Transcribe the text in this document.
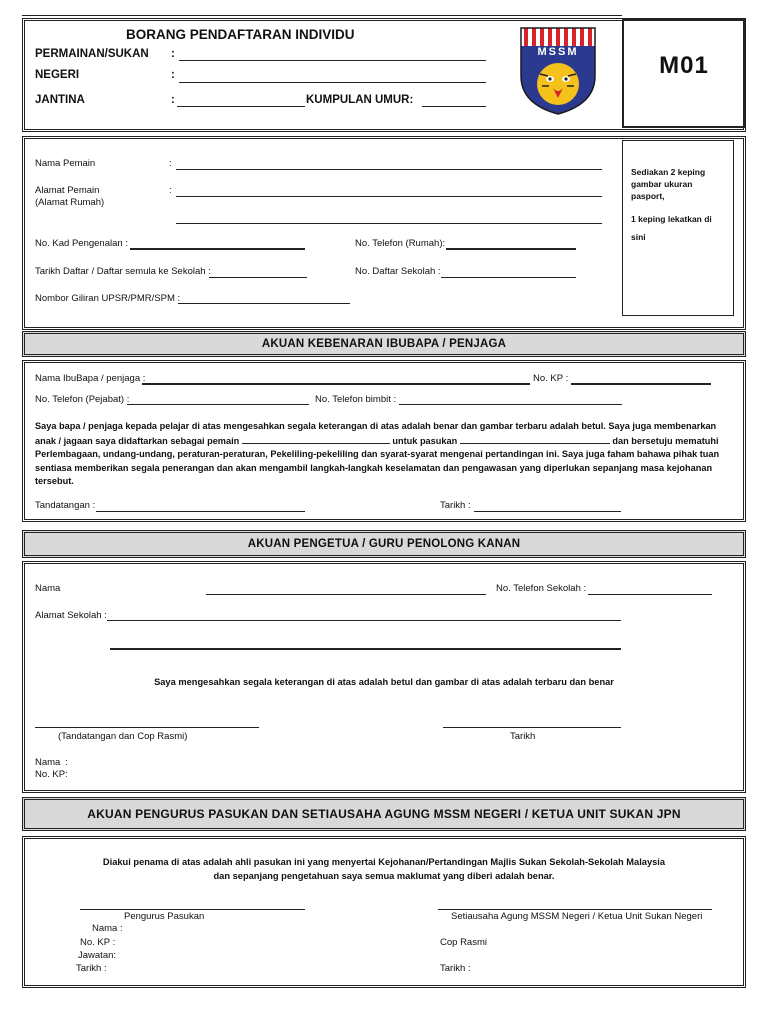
BORANG PENDAFTARAN INDIVIDU
PERMAINAN/SUKAN :
NEGERI	:
JANTINA	:	KUMPULAN UMUR:
MSSM	M01
Nama Pemain	:
Alamat Pemain
(Alamat Rumah)
:
No. Kad Pengenalan :	No. Telefon (Rumah):
Tarikh Daftar / Daftar semula ke Sekolah :	No. Daftar Sekolah :
Nombor Giliran UPSR/PMR/SPM :
Sediakan 2 keping
gambar ukuran
pasport,
1 keping lekatkan di
sini
AKUAN KEBENARAN IBUBAPA / PENJAGA
Nama IbuBapa / penjaga :	No. KP :
No. Telefon (Pejabat) :	No. Telefon bimbit :
Saya bapa / penjaga kepada pelajar di atas mengesahkan segala keterangan di atas adalah benar dan gambar terbaru adalah betul. Saya juga membenarkan
anak / jagaan saya didaftarkan sebagai pemain	untuk pasukan	dan bersetuju mematuhi
Perlembagaan, undang-undang, peraturan-peraturan, Pekeliling-pekeliling dan syarat-syarat mengenai pertandingan ini. Saya juga faham bahawa pihak tuan
sentiasa memberikan segala penerangan dan akan mengambil langkah-langkah keselamatan dan pengawasan yang diperlukan sepanjang masa kejohanan
tersebut.
Tandatangan :	Tarikh :
AKUAN PENGETUA / GURU PENOLONG KANAN
Nama	No. Telefon Sekolah :
Alamat Sekolah :
Saya mengesahkan segala keterangan di atas adalah betul dan gambar di atas adalah terbaru dan benar
(Tandatangan dan Cop Rasmi)	Tarikh
Nama :
No. KP :
AKUAN PENGURUS PASUKAN DAN SETIAUSAHA AGUNG MSSM NEGERI / KETUA UNIT SUKAN JPN
Diakui penama di atas adalah ahli pasukan ini yang menyertai Kejohanan/Pertandingan Majlis Sukan Sekolah-Sekolah Malaysia
dan sepanjang pengetahuan saya semua maklumat yang diberi adalah benar.
Pengurus Pasukan	Setiausaha Agung MSSM Negeri / Ketua Unit Sukan Negeri
Nama :
No. KP :
Jawatan:
Tarikh :
Cop Rasmi
Tarikh :
